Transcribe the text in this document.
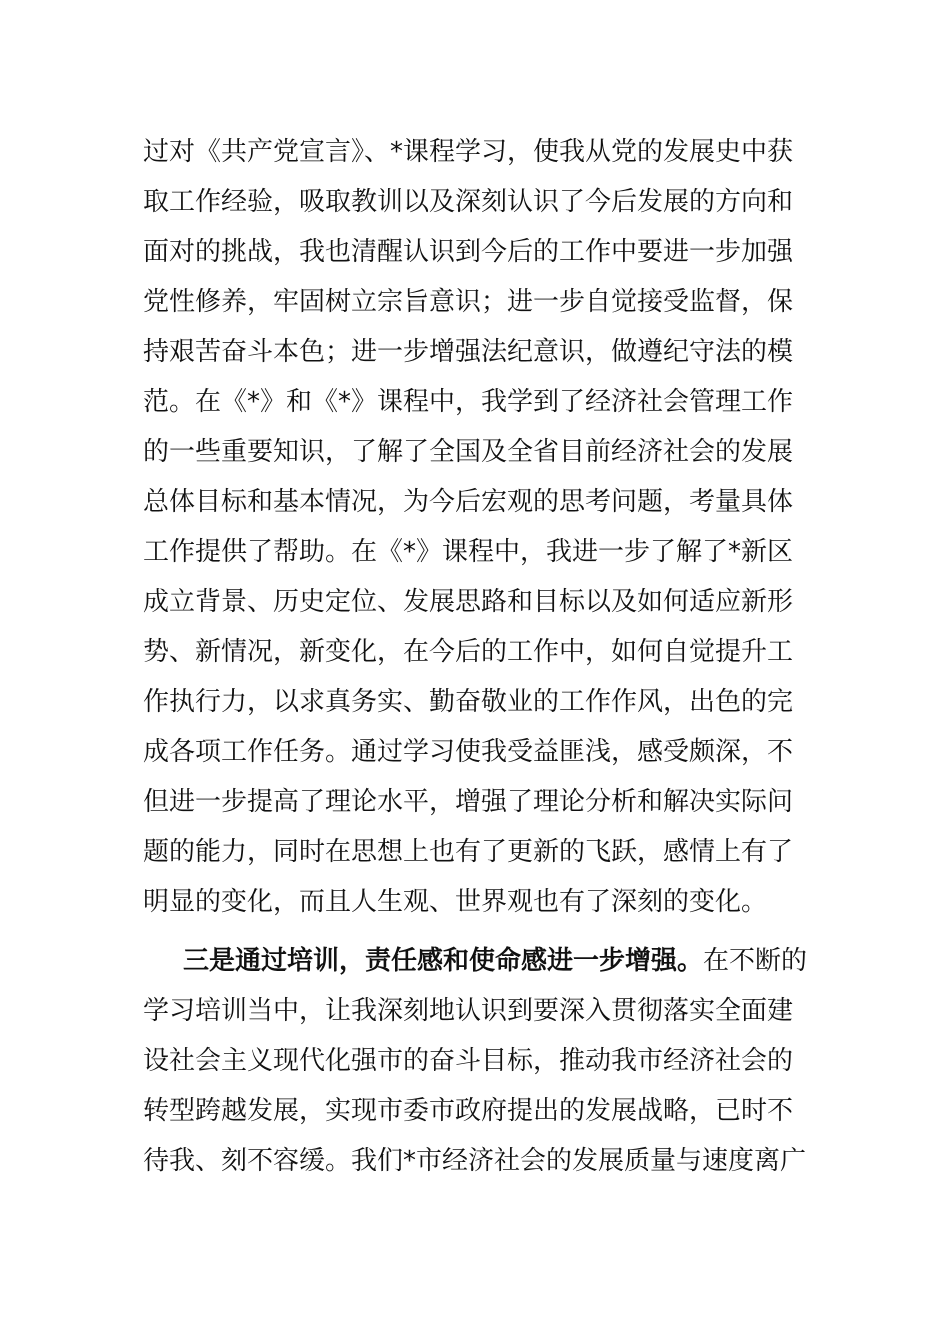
过对《共产党宣言》、*课程学习，使我从党的发展史中获
取工作经验，吸取教训以及深刻认识了今后发展的方向和
面对的挑战，我也清醒认识到今后的工作中要进一步加强
党性修养，牢固树立宗旨意识；进一步自觉接受监督，保
持艰苦奋斗本色；进一步增强法纪意识，做遵纪守法的模
范。在《*》和《*》课程中，我学到了经济社会管理工作
的一些重要知识，了解了全国及全省目前经济社会的发展
总体目标和基本情况，为今后宏观的思考问题，考量具体
工作提供了帮助。在《*》课程中，我进一步了解了*新区
成立背景、历史定位、发展思路和目标以及如何适应新形
势、新情况，新变化，在今后的工作中，如何自觉提升工
作执行力，以求真务实、勤奋敬业的工作作风，出色的完
成各项工作任务。通过学习使我受益匪浅，感受颇深，不
但进一步提高了理论水平，增强了理论分析和解决实际问
题的能力，同时在思想上也有了更新的飞跃，感情上有了
明显的变化，而且人生观、世界观也有了深刻的变化。
三是通过培训，责任感和使命感进一步增强。在不断的
学习培训当中，让我深刻地认识到要深入贯彻落实全面建
设社会主义现代化强市的奋斗目标，推动我市经济社会的
转型跨越发展，实现市委市政府提出的发展战略，已时不
待我、刻不容缓。我们*市经济社会的发展质量与速度离广
